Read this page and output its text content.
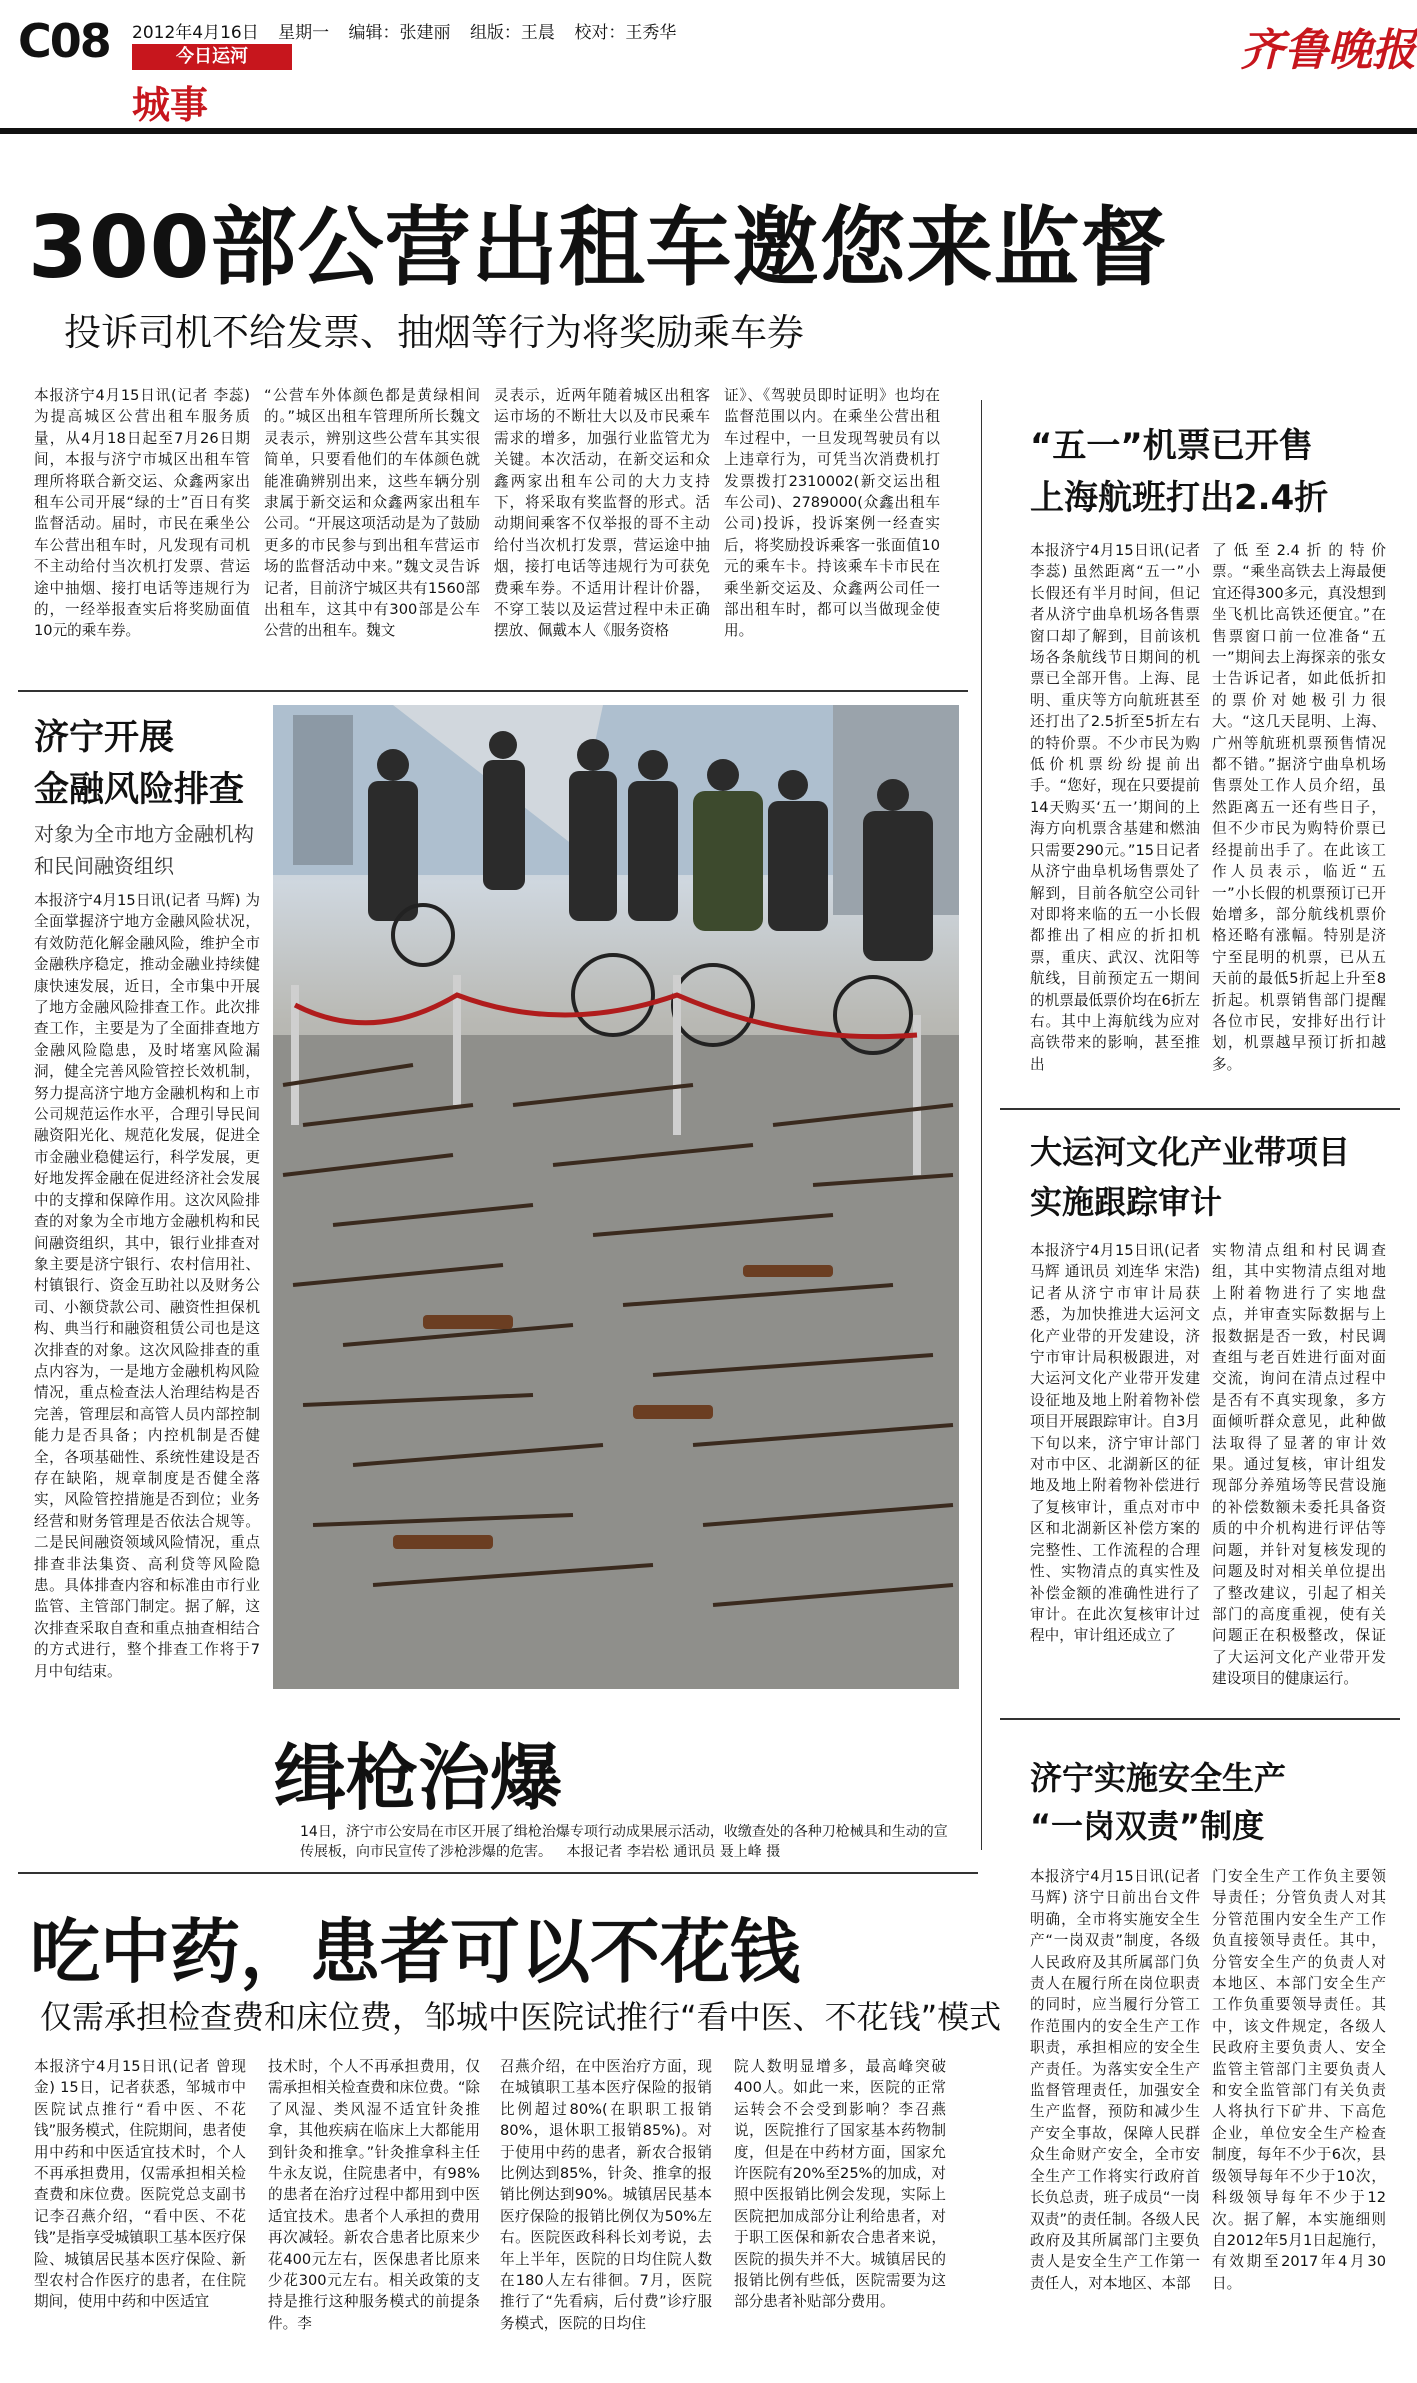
C08 2012年4月16日 星期一 编辑：张建丽 组版：王晨 校对：王秀华
今日运河
城事
齐鲁晚报
300部公营出租车邀您来监督
投诉司机不给发票、抽烟等行为将奖励乘车券
本报济宁4月15日讯(记者 李蕊) 为提高城区公营出租车服务质量，从4月18日起至7月26日期间，本报与济宁市城区出租车管理所将联合新交运、众鑫两家出租车公司开展“绿的士”百日有奖监督活动。届时，市民在乘坐公车公营出租车时，凡发现有司机不主动给付当次机打发票、营运途中抽烟、接打电话等违规行为的，一经举报查实后将奖励面值10元的乘车券。
“公营车外体颜色都是黄绿相间的。”城区出租车管理所所长魏文灵表示，辨别这些公营车其实很简单，只要看他们的车体颜色就能准确辨别出来，这些车辆分别隶属于新交运和众鑫两家出租车公司。“开展这项活动是为了鼓励更多的市民参与到出租车营运市场的监督活动中来。”魏文灵告诉记者，目前济宁城区共有1560部出租车，这其中有300部是公车公营的出租车。魏文
灵表示，近两年随着城区出租客运市场的不断壮大以及市民乘车需求的增多，加强行业监管尤为关键。本次活动，在新交运和众鑫两家出租车公司的大力支持下，将采取有奖监督的形式。活动期间乘客不仅举报的哥不主动给付当次机打发票，营运途中抽烟，接打电话等违规行为可获免费乘车券。不适用计程计价器，不穿工装以及运营过程中未正确摆放、佩戴本人《服务资格
证》、《驾驶员即时证明》也均在监督范围以内。在乘坐公营出租车过程中，一旦发现驾驶员有以上违章行为，可凭当次消费机打发票拨打2310002(新交运出租车公司)、2789000(众鑫出租车公司)投诉，投诉案例一经查实后，将奖励投诉乘客一张面值10元的乘车卡。持该乘车卡市民在乘坐新交运及、众鑫两公司任一部出租车时，都可以当做现金使用。
济宁开展
金融风险排查
对象为全市地方金融机构和民间融资组织
本报济宁4月15日讯(记者 马辉) 为全面掌握济宁地方金融风险状况，有效防范化解金融风险，维护全市金融秩序稳定，推动金融业持续健康快速发展，近日，全市集中开展了地方金融风险排查工作。此次排查工作，主要是为了全面排查地方金融风险隐患，及时堵塞风险漏洞，健全完善风险管控长效机制，努力提高济宁地方金融机构和上市公司规范运作水平，合理引导民间融资阳光化、规范化发展，促进全市金融业稳健运行，科学发展，更好地发挥金融在促进经济社会发展中的支撑和保障作用。这次风险排查的对象为全市地方金融机构和民间融资组织，其中，银行业排查对象主要是济宁银行、农村信用社、村镇银行、资金互助社以及财务公司、小额贷款公司、融资性担保机构、典当行和融资租赁公司也是这次排查的对象。这次风险排查的重点内容为，一是地方金融机构风险情况，重点检查法人治理结构是否完善，管理层和高管人员内部控制能力是否具备；内控机制是否健全，各项基础性、系统性建设是否存在缺陷，规章制度是否健全落实，风险管控措施是否到位；业务经营和财务管理是否依法合规等。二是民间融资领域风险情况，重点排查非法集资、高利贷等风险隐患。具体排查内容和标准由市行业监管、主管部门制定。据了解，这次排查采取自查和重点抽查相结合的方式进行，整个排查工作将于7月中旬结束。
缉枪治爆
14日，济宁市公安局在市区开展了缉枪治爆专项行动成果展示活动，收缴查处的各种刀枪械具和生动的宣传展板，向市民宣传了涉枪涉爆的危害。 本报记者 李岩松 通讯员 聂上峰 摄
“五一”机票已开售
上海航班打出2.4折
本报济宁4月15日讯(记者 李蕊) 虽然距离“五一”小长假还有半月时间，但记者从济宁曲阜机场各售票窗口却了解到，目前该机场各条航线节日期间的机票已全部开售。上海、昆明、重庆等方向航班甚至还打出了2.5折至5折左右的特价票。不少市民为购低价机票纷纷提前出手。“您好，现在只要提前14天购买‘五一’期间的上海方向机票含基建和燃油只需要290元。”15日记者从济宁曲阜机场售票处了解到，目前各航空公司针对即将来临的五一小长假都推出了相应的折扣机票，重庆、武汉、沈阳等航线，目前预定五一期间的机票最低票价均在6折左右。其中上海航线为应对高铁带来的影响，甚至推出
了低至2.4折的特价票。“乘坐高铁去上海最便宜还得300多元，真没想到坐飞机比高铁还便宜。”在售票窗口前一位准备“五一”期间去上海探亲的张女士告诉记者，如此低折扣的票价对她极引力很大。“这几天昆明、上海、广州等航班机票预售情况都不错。”据济宁曲阜机场售票处工作人员介绍，虽然距离五一还有些日子，但不少市民为购特价票已经提前出手了。在此该工作人员表示，临近“五一”小长假的机票预订已开始增多，部分航线机票价格还略有涨幅。特别是济宁至昆明的机票，已从五天前的最低5折起上升至8折起。机票销售部门提醒各位市民，安排好出行计划，机票越早预订折扣越多。
大运河文化产业带项目
实施跟踪审计
本报济宁4月15日讯(记者 马辉 通讯员 刘连华 宋浩) 记者从济宁市审计局获悉，为加快推进大运河文化产业带的开发建设，济宁市审计局积极跟进，对大运河文化产业带开发建设征地及地上附着物补偿项目开展跟踪审计。自3月下旬以来，济宁审计部门对市中区、北湖新区的征地及地上附着物补偿进行了复核审计，重点对市中区和北湖新区补偿方案的完整性、工作流程的合理性、实物清点的真实性及补偿金额的准确性进行了审计。在此次复核审计过程中，审计组还成立了
实物清点组和村民调查组，其中实物清点组对地上附着物进行了实地盘点，并审查实际数据与上报数据是否一致，村民调查组与老百姓进行面对面交流，询问在清点过程中是否有不真实现象，多方面倾听群众意见，此种做法取得了显著的审计效果。通过复核，审计组发现部分养殖场等民营设施的补偿数额未委托具备资质的中介机构进行评估等问题，并针对复核发现的问题及时对相关单位提出了整改建议，引起了相关部门的高度重视，使有关问题正在积极整改，保证了大运河文化产业带开发建设项目的健康运行。
济宁实施安全生产
“一岗双责”制度
本报济宁4月15日讯(记者 马辉) 济宁日前出台文件明确，全市将实施安全生产“一岗双责”制度，各级人民政府及其所属部门负责人在履行所在岗位职责的同时，应当履行分管工作范围内的安全生产工作职责，承担相应的安全生产责任。为落实安全生产监督管理责任，加强安全生产监督，预防和减少生产安全事故，保障人民群众生命财产安全，全市安全生产工作将实行政府首长负总责，班子成员“一岗双责”的责任制。各级人民政府及其所属部门主要负责人是安全生产工作第一责任人，对本地区、本部
门安全生产工作负主要领导责任；分管负责人对其分管范围内安全生产工作负直接领导责任。其中，分管安全生产的负责人对本地区、本部门安全生产工作负重要领导责任。其中，该文件规定，各级人民政府主要负责人、安全监管主管部门主要负责人和安全监管部门有关负责人将执行下矿井、下高危企业，单位安全生产检查制度，每年不少于6次，县级领导每年不少于10次，科级领导每年不少于12次。据了解，本实施细则自2012年5月1日起施行，有效期至2017年4月30日。
吃中药，患者可以不花钱
仅需承担检查费和床位费，邹城中医院试推行“看中医、不花钱”模式
本报济宁4月15日讯(记者 曾现金) 15日，记者获悉，邹城市中医院试点推行“看中医、不花钱”服务模式，住院期间，患者使用中药和中医适宜技术时，个人不再承担费用，仅需承担相关检查费和床位费。医院党总支副书记李召燕介绍，“看中医、不花钱”是指享受城镇职工基本医疗保险、城镇居民基本医疗保险、新型农村合作医疗的患者，在住院期间，使用中药和中医适宜
技术时，个人不再承担费用，仅需承担相关检查费和床位费。“除了风湿、类风湿不适宜针灸推拿，其他疾病在临床上大都能用到针灸和推拿。”针灸推拿科主任牛永友说，住院患者中，有98%的患者在治疗过程中都用到中医适宜技术。患者个人承担的费用再次减轻。新农合患者比原来少花400元左右，医保患者比原来少花300元左右。相关政策的支持是推行这种服务模式的前提条件。李
召燕介绍，在中医治疗方面，现在城镇职工基本医疗保险的报销比例超过80%(在职职工报销80%，退休职工报销85%)。对于使用中药的患者，新农合报销比例达到85%，针灸、推拿的报销比例达到90%。城镇居民基本医疗保险的报销比例仅为50%左右。医院医政科科长刘考说，去年上半年，医院的日均住院人数在180人左右徘徊。7月，医院推行了“先看病，后付费”诊疗服务模式，医院的日均住
院人数明显增多，最高峰突破400人。如此一来，医院的正常运转会不会受到影响？李召燕说，医院推行了国家基本药物制度，但是在中药材方面，国家允许医院有20%至25%的加成，对照中医报销比例会发现，实际上医院把加成部分让利给患者，对于职工医保和新农合患者来说，医院的损失并不大。城镇居民的报销比例有些低，医院需要为这部分患者补贴部分费用。
